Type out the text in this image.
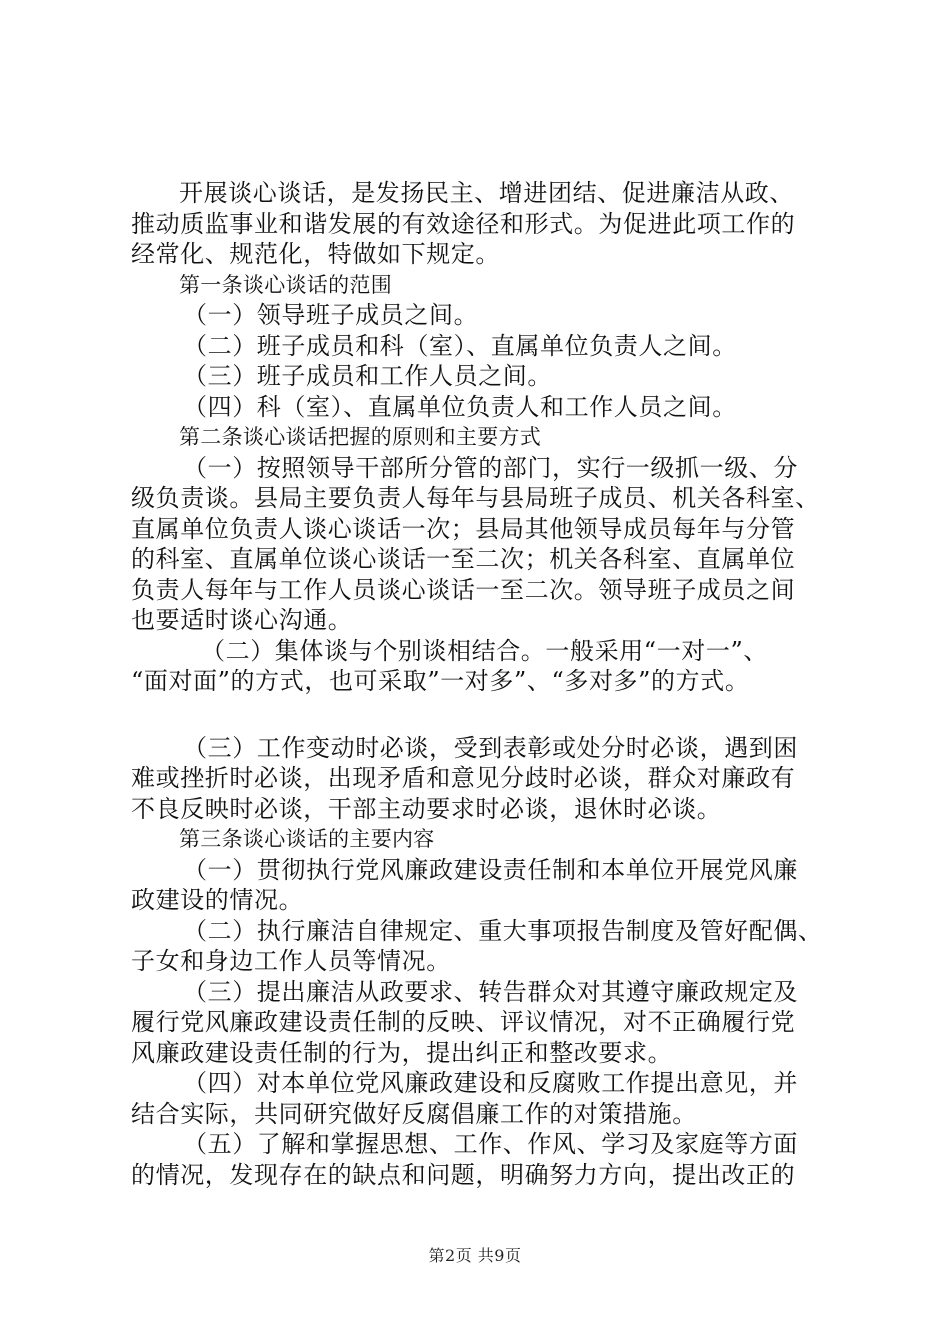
开展谈心谈话，是发扬民主、增进团结、促进廉洁从政、
推动质监事业和谐发展的有效途径和形式。为促进此项工作的
经常化、规范化，特做如下规定。
第一条谈心谈话的范围
（一）领导班子成员之间。
（二）班子成员和科（室）、直属单位负责人之间。
（三）班子成员和工作人员之间。
（四）科（室）、直属单位负责人和工作人员之间。
第二条谈心谈话把握的原则和主要方式
（一）按照领导干部所分管的部门，实行一级抓一级、分
级负责谈。县局主要负责人每年与县局班子成员、机关各科室、
直属单位负责人谈心谈话一次；县局其他领导成员每年与分管
的科室、直属单位谈心谈话一至二次；机关各科室、直属单位
负责人每年与工作人员谈心谈话一至二次。领导班子成员之间
也要适时谈心沟通。
（二）集体谈与个别谈相结合。一般采用“一对一”、
“面对面”的方式，也可采取”一对多”、“多对多”的方式。
（三）工作变动时必谈，受到表彰或处分时必谈，遇到困
难或挫折时必谈，出现矛盾和意见分歧时必谈，群众对廉政有
不良反映时必谈，干部主动要求时必谈，退休时必谈。
第三条谈心谈话的主要内容
（一）贯彻执行党风廉政建设责任制和本单位开展党风廉
政建设的情况。
（二）执行廉洁自律规定、重大事项报告制度及管好配偶、
子女和身边工作人员等情况。
（三）提出廉洁从政要求、转告群众对其遵守廉政规定及
履行党风廉政建设责任制的反映、评议情况，对不正确履行党
风廉政建设责任制的行为，提出纠正和整改要求。
（四）对本单位党风廉政建设和反腐败工作提出意见，并
结合实际，共同研究做好反腐倡廉工作的对策措施。
（五）了解和掌握思想、工作、作风、学习及家庭等方面
的情况，发现存在的缺点和问题，明确努力方向，提出改正的
第2页 共9页
